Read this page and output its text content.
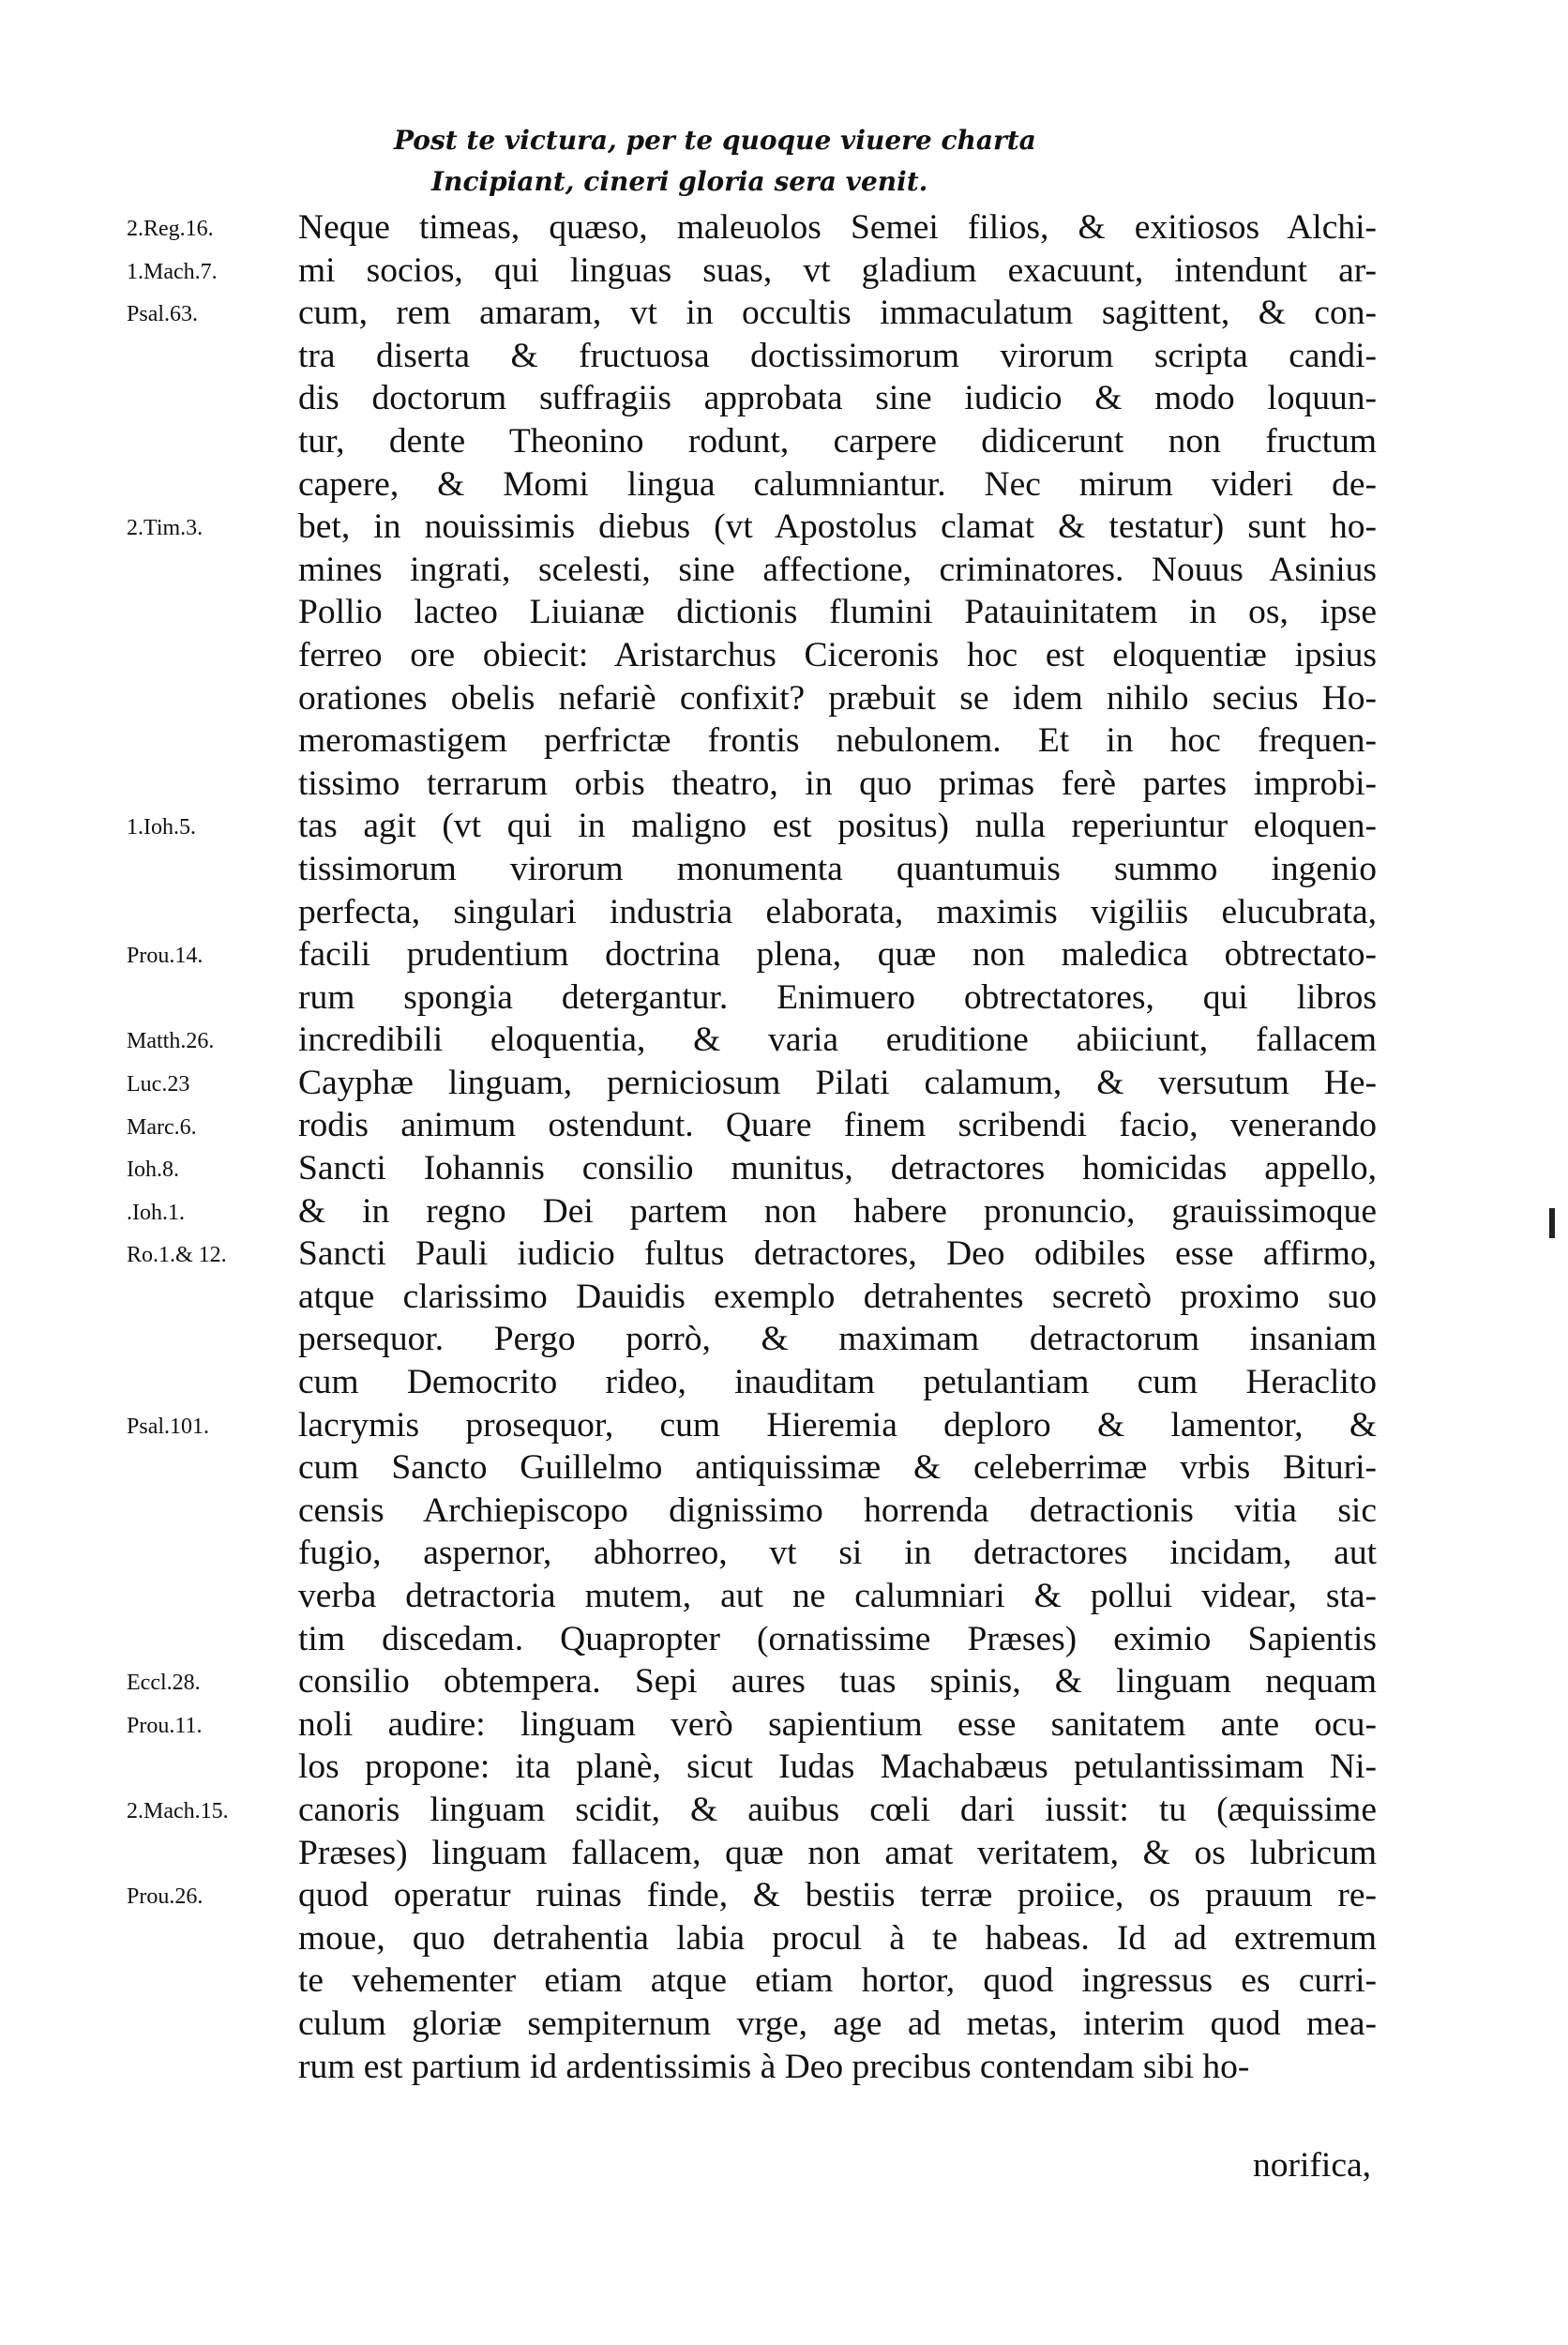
Post te victura, per te quoque viuere charta
Incipiant, cineri gloria sera venit.
Neque timeas, quæso, maleuolos Semei filios, & exitiosos Alchi-
mi socios, qui linguas suas, vt gladium exacuunt, intendunt ar-
cum, rem amaram, vt in occultis immaculatum sagittent, & con-
tra diserta & fructuosa doctissimorum virorum scripta candi-
dis doctorum suffragiis approbata sine iudicio & modo loquun-
tur, dente Theonino rodunt, carpere didicerunt non fructum
capere, & Momi lingua calumniantur. Nec mirum videri de-
bet, in nouissimis diebus (vt Apostolus clamat & testatur) sunt ho-
mines ingrati, scelesti, sine affectione, criminatores. Nouus Asinius
Pollio lacteo Liuianæ dictionis flumini Patauinitatem in os, ipse
ferreo ore obiecit: Aristarchus Ciceronis hoc est eloquentiæ ipsius
orationes obelis nefariè confixit? præbuit se idem nihilo secius Ho-
meromastigem perfrictæ frontis nebulonem. Et in hoc frequen-
tissimo terrarum orbis theatro, in quo primas ferè partes improbi-
tas agit (vt qui in maligno est positus) nulla reperiuntur eloquen-
tissimorum virorum monumenta quantumuis summo ingenio
perfecta, singulari industria elaborata, maximis vigiliis elucubrata,
facili prudentium doctrina plena, quæ non maledica obtrectato-
rum spongia detergantur. Enimuero obtrectatores, qui libros
incredibili eloquentia, & varia eruditione abiiciunt, fallacem
Cayphæ linguam, perniciosum Pilati calamum, & versutum He-
rodis animum ostendunt. Quare finem scribendi facio, venerando
Sancti Iohannis consilio munitus, detractores homicidas appello,
& in regno Dei partem non habere pronuncio, grauissimoque
Sancti Pauli iudicio fultus detractores, Deo odibiles esse affirmo,
atque clarissimo Dauidis exemplo detrahentes secretò proximo suo
persequor. Pergo porrò, & maximam detractorum insaniam
cum Democrito rideo, inauditam petulantiam cum Heraclito
lacrymis prosequor, cum Hieremia deploro & lamentor, &
cum Sancto Guillelmo antiquissimæ & celeberrimæ vrbis Bituri-
censis Archiepiscopo dignissimo horrenda detractionis vitia sic
fugio, aspernor, abhorreo, vt si in detractores incidam, aut
verba detractoria mutem, aut ne calumniari & pollui videar, sta-
tim discedam. Quapropter (ornatissime Præses) eximio Sapientis
consilio obtempera. Sepi aures tuas spinis, & linguam nequam
noli audire: linguam verò sapientium esse sanitatem ante ocu-
los propone: ita planè, sicut Iudas Machabæus petulantissimam Ni-
canoris linguam scidit, & auibus cœli dari iussit: tu (æquissime
Præses) linguam fallacem, quæ non amat veritatem, & os lubricum
quod operatur ruinas finde, & bestiis terræ proiice, os prauum re-
moue, quo detrahentia labia procul à te habeas. Id ad extremum
te vehementer etiam atque etiam hortor, quod ingressus es curri-
culum gloriæ sempiternum vrge, age ad metas, interim quod mea-
rum est partium id ardentissimis à Deo precibus contendam sibi ho-
2.Reg.16.
1.Mach.7.
Psal.63.
2.Tim.3.
1.Ioh.5.
Prou.14.
Matth.26.
Luc.23
Marc.6.
Ioh.8.
.Ioh.1.
Ro.1.& 12.
Psal.101.
Eccl.28.
Prou.11.
2.Mach.15.
Prou.26.
norifica,
